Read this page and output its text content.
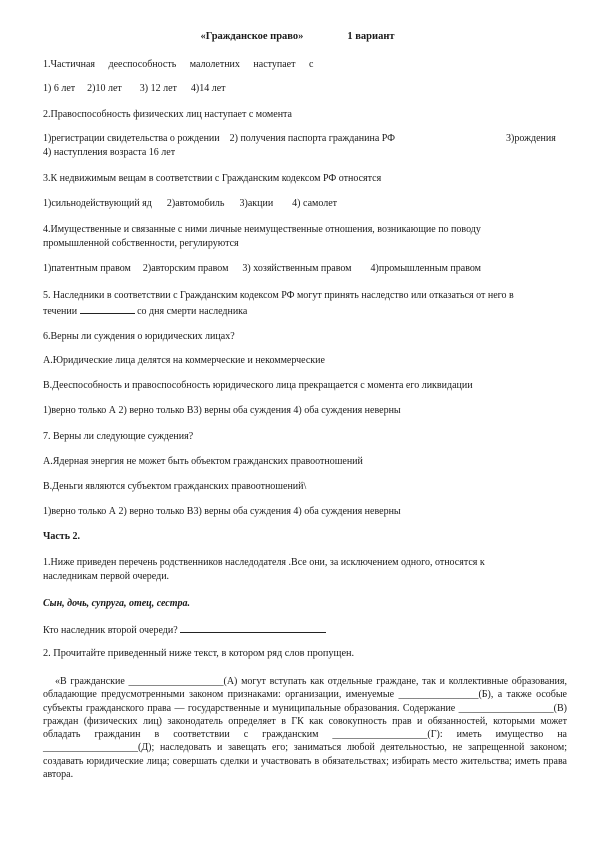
«Гражданское право»	1 вариант
1.Частичная дееспособность малолетних наступает с
1) 6 лет 2)10 лет 3) 12 лет 4)14 лет
2.Правоспособность физических лиц наступает с момента
1)регистрации свидетельства о рождении    2) получения паспорта гражданина РФ	3)рождения
4) наступления возраста 16 лет
3.К недвижимым вещам в соответствии с Гражданским кодексом РФ относятся
1)сильнодействующий яд 2)автомобиль 3)акции 4) самолет
4.Имущественные и связанные с ними личные неимущественные отношения, возникающие по поводу
промышленной собственности, регулируются
1)патентным правом 2)авторским правом 3) хозяйственным правом 4)промышленным правом
5. Наследники в соответствии с Гражданским кодексом РФ могут принять наследство или отказаться от него в
течении	со дня смерти наследника
6.Верны ли суждения о юридических лицах?
А.Юридические лица делятся на коммерческие и некоммерческие
В.Дееспособность и правоспособность юридического лица прекращается с момента его ликвидации
1)верно только А 2) верно только В3) верны оба суждения 4) оба суждения неверны
7. Верны ли следующие суждения?
А.Ядерная энергия не может быть объектом гражданских правоотношений
В.Деньги являются субъектом гражданских правоотношений\
1)верно только А 2) верно только В3) верны оба суждения 4) оба суждения неверны
Часть 2.
1.Ниже приведен перечень родственников наследодателя .Все они, за исключением одного, относятся к
наследникам первой очереди.
Сын, дочь, супруга, отец, сестра.
Кто наследник второй очереди?
2. Прочитайте приведенный ниже текст, в котором ряд слов пропущен.
«В гражданские ___________________(А) могут вступать как отдельные граждане, так и коллективные образования, обладающие предусмотренными законом признаками: организации, именуемые ________________(Б), а также особые субъекты гражданского права — государственные и муниципальные образования. Содержание ___________________(В) граждан (физических лиц) законодатель определяет в ГК как совокупность прав и обязанностей, которыми может обладать гражданин в соответствии с гражданским ___________________(Г): иметь имущество на ___________________(Д); наследовать и завещать его; заниматься любой деятельностью, не запрещенной законом; создавать юридические лица; совершать сделки и участвовать в обязательствах; избирать место жительства; иметь права автора.
